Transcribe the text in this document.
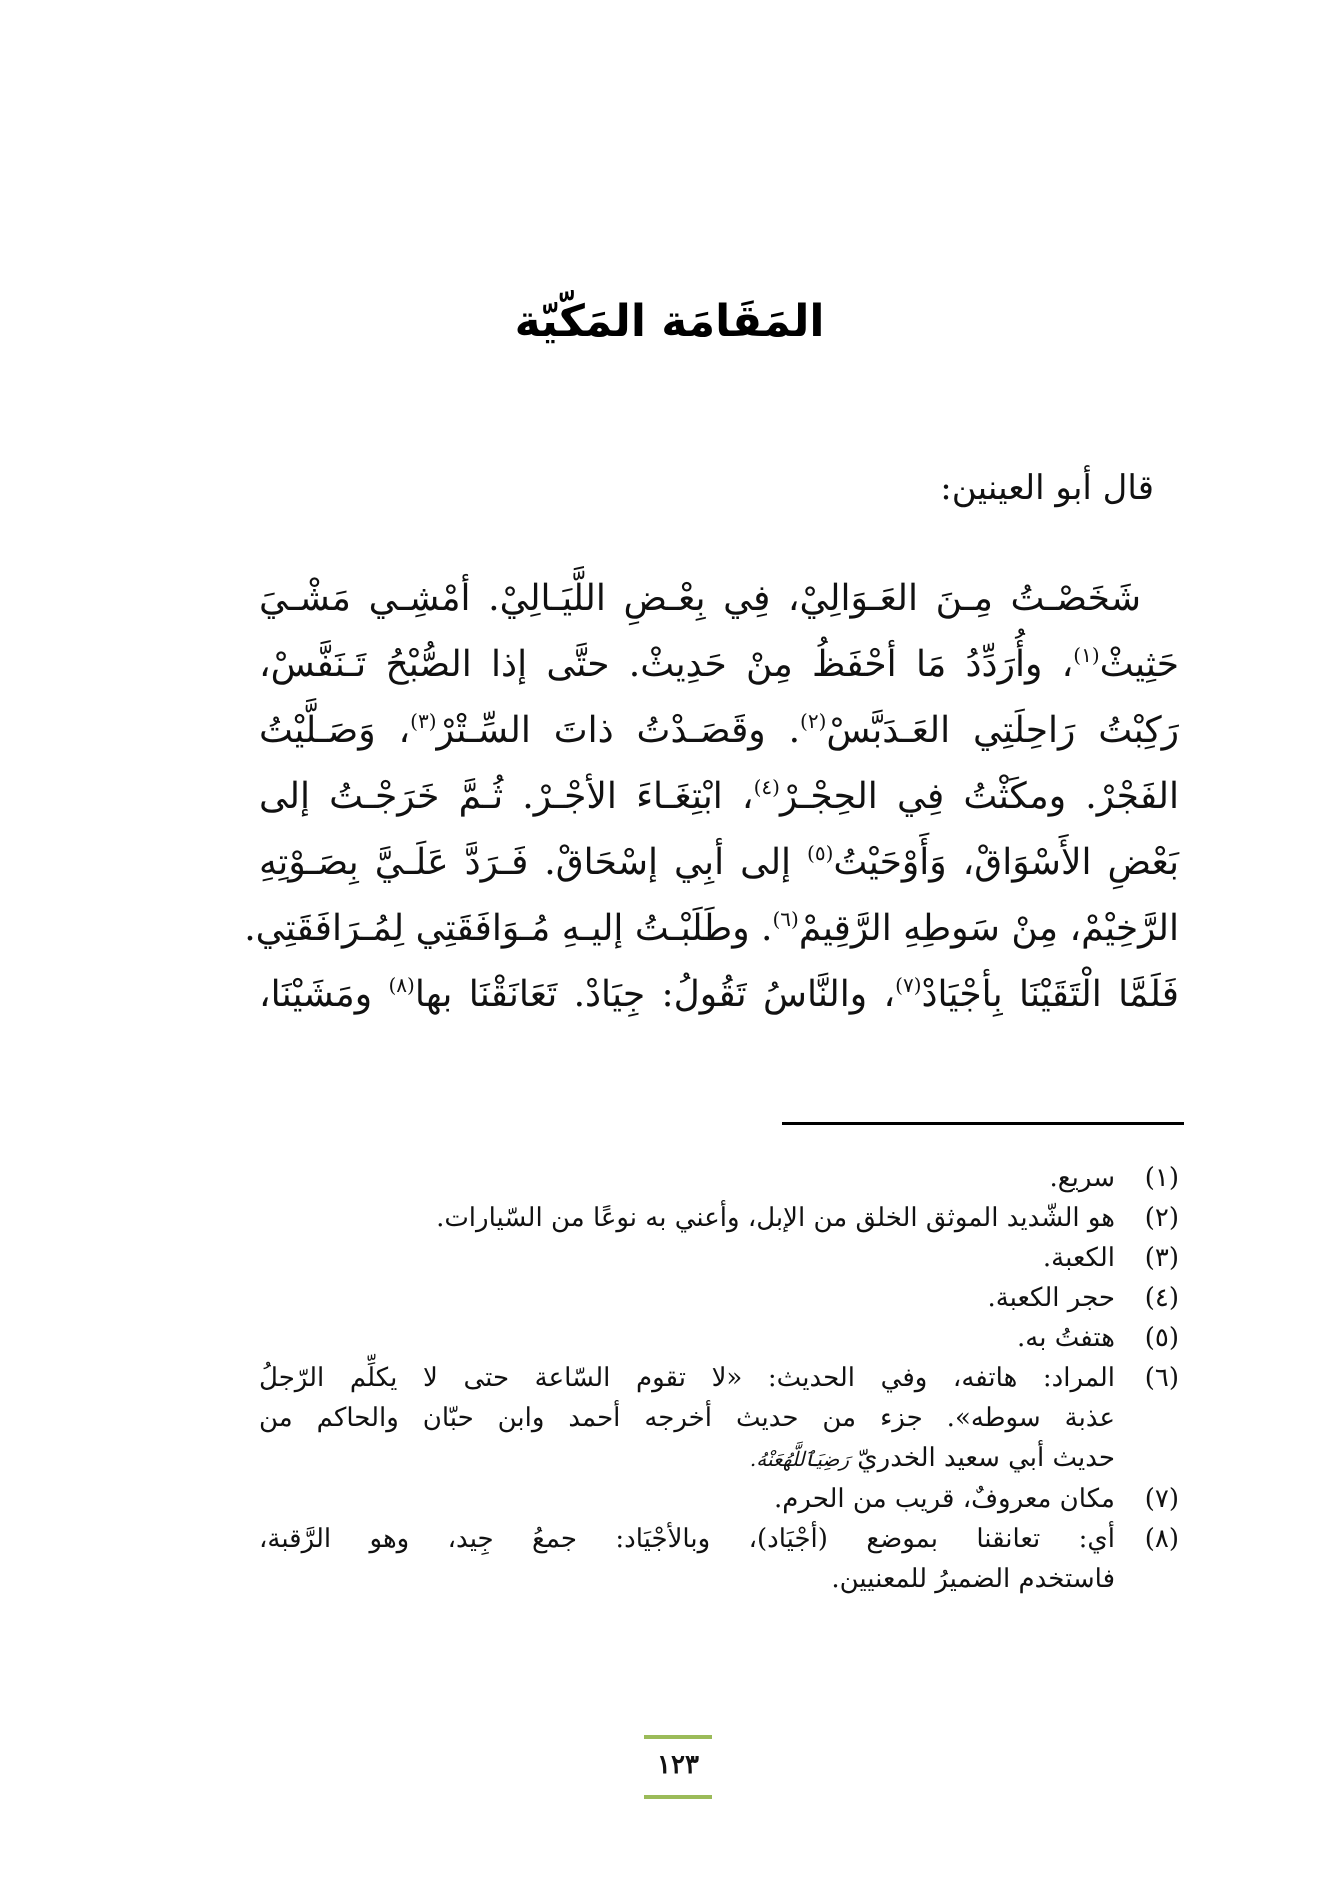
المَقَامَة المَكّيّة
قال أبو العينين:
شَخَصْـتُ مِـنَ العَـوَالِيْ، فِي بِعْـضِ اللَّيَـالِيْ. أمْشِـي مَشْـيَ
حَثِيثْ$^{(١)}$، وأُرَدِّدُ مَا أحْفَظُ مِنْ حَدِيثْ. حتَّى إذا الصُّبْحُ تَـنَفَّسْ،
رَكِبْتُ رَاحِلَتِي العَـدَبَّسْ$^{(٢)}$. وقَصَـدْتُ ذاتَ السِّـتْرْ$^{(٣)}$، وَصَـلَّيْتُ
الفَجْرْ. ومكَثْتُ فِي الحِجْـرْ$^{(٤)}$، ابْتِغَـاءَ الأجْـرْ. ثُـمَّ خَرَجْـتُ إلى
بَعْضِ الأَسْوَاقْ، وَأَوْحَيْتُ$^{(٥)}$ إلى أبِي إسْحَاقْ. فَـرَدَّ عَلَـيَّ بِصَـوْتِهِ
الرَّخِيْمْ، مِنْ سَوطِهِ الرَّقِيمْ$^{(٦)}$. وطَلَبْـتُ إليـهِ مُـوَافَقَتِي لِمُـرَافَقَتِي.
فَلَمَّا الْتَقَيْنَا بِأجْيَادْ$^{(٧)}$، والنَّاسُ تَقُولُ: جِيَادْ. تَعَانَقْنَا بها$^{(٨)}$ ومَشَيْنَا،
(١)
سريع.
(٢)
هو الشّديد الموثق الخلق من الإبل، وأعني به نوعًا من السّيارات.
(٣)
الكعبة.
(٤)
حجر الكعبة.
(٥)
هتفتُ به.
(٦)
المراد: هاتفه، وفي الحديث: «لا تقوم السّاعة حتى لا يكلِّم الرّجلُ
عذبة سوطه». جزء من حديث أخرجه أحمد وابن حبّان والحاكم من
حديث أبي سعيد الخدريّ رَضِيَٱللَّهُعَنْهُ.
(٧)
مكان معروفٌ، قريب من الحرم.
(٨)
أي: تعانقنا بموضع (أجْيَاد)، وبالأجْيَاد: جمعُ جِيد، وهو الرَّقبة،
فاستخدم الضميرُ للمعنيين.
١٢٣
